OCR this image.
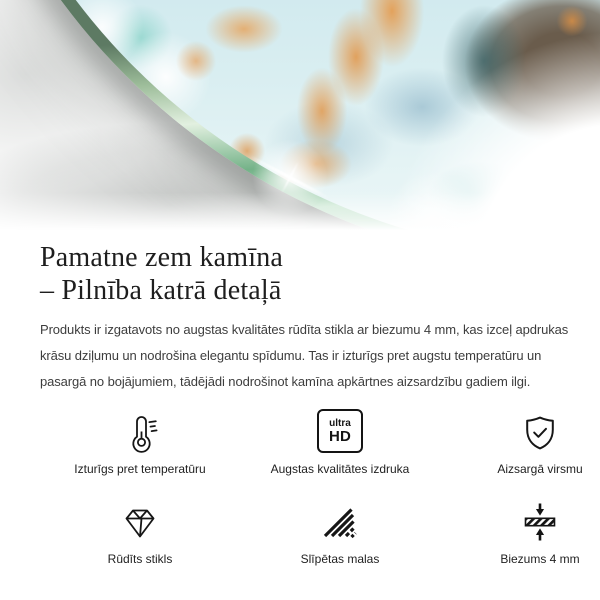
Pamatne zem kamīna
– Pilnība katrā detaļā

Produkts ir izgatavots no augstas kvalitātes rūdīta stikla ar biezumu 4 mm, kas izceļ apdrukas krāsu dziļumu un nodrošina elegantu spīdumu. Tas ir izturīgs pret augstu temperatūru un pasargā no bojājumiem, tādējādi nodrošinot kamīna apkārtnes aizsardzību gadiem ilgi.

Izturīgs pret temperatūru
ultra
HD
Augstas kvalitātes izdruka	Aizsargā virsmu
Rūdīts stikls	Slīpētas malas	Biezums 4 mm
